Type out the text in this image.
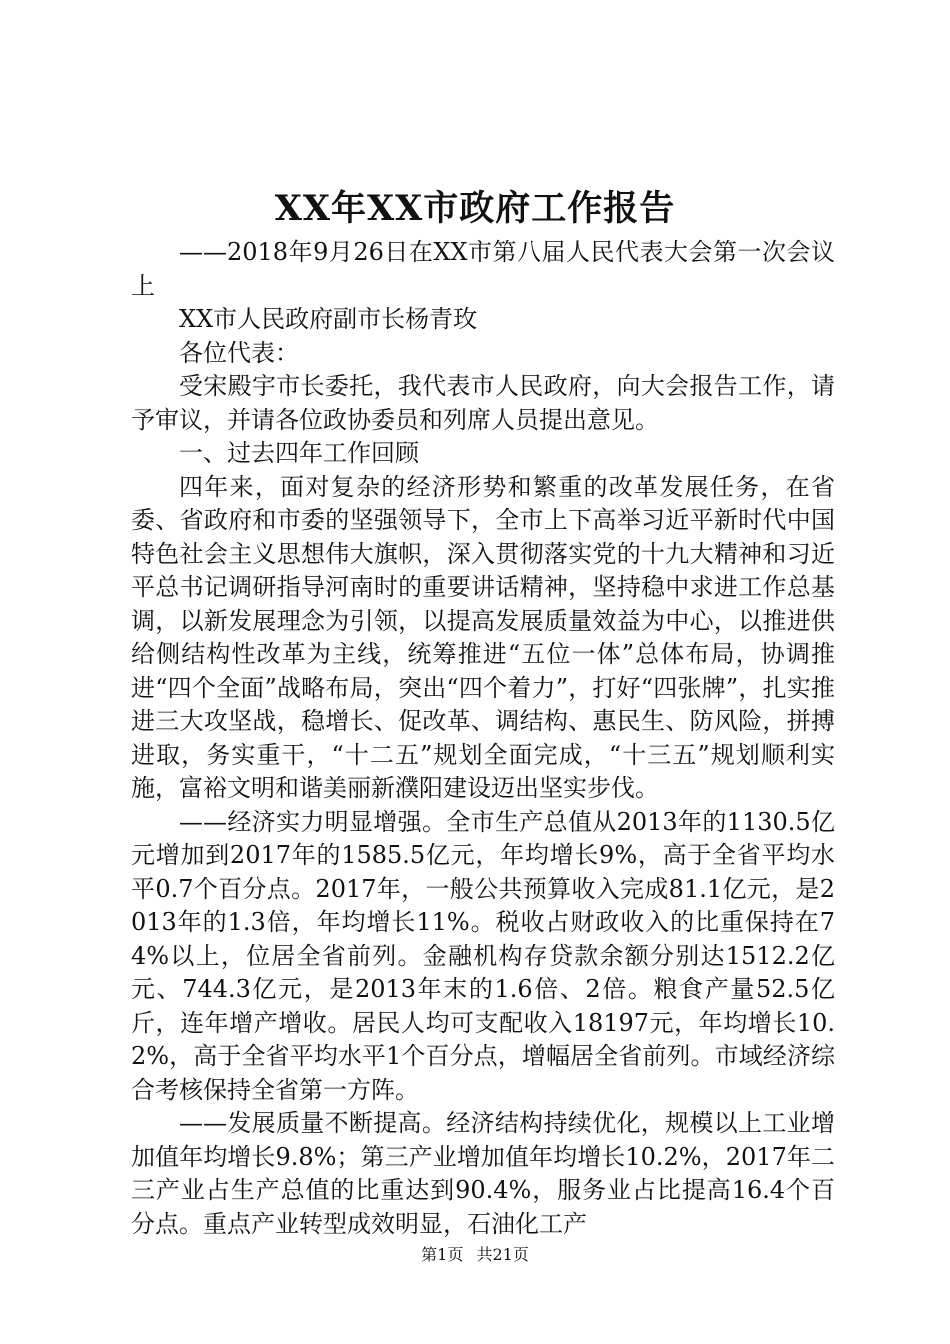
XX年XX市政府工作报告

——2018年9月26日在XX市第八届人民代表大会第一次会议上

XX市人民政府副市长杨青玫

各位代表：

受宋殿宇市长委托，我代表市人民政府，向大会报告工作，请予审议，并请各位政协委员和列席人员提出意见。

一、过去四年工作回顾

四年来，面对复杂的经济形势和繁重的改革发展任务，在省委、省政府和市委的坚强领导下，全市上下高举习近平新时代中国特色社会主义思想伟大旗帜，深入贯彻落实党的十九大精神和习近平总书记调研指导河南时的重要讲话精神，坚持稳中求进工作总基调，以新发展理念为引领，以提高发展质量效益为中心，以推进供给侧结构性改革为主线，统筹推进“五位一体”总体布局，协调推进“四个全面”战略布局，突出“四个着力”，打好“四张牌”，扎实推进三大攻坚战，稳增长、促改革、调结构、惠民生、防风险，拼搏进取，务实重干，“十二五”规划全面完成，“十三五”规划顺利实施，富裕文明和谐美丽新濮阳建设迈出坚实步伐。

——经济实力明显增强。全市生产总值从2013年的1130.5亿元增加到2017年的1585.5亿元，年均增长9%，高于全省平均水平0.7个百分点。2017年，一般公共预算收入完成81.1亿元，是2013年的1.3倍，年均增长11%。税收占财政收入的比重保持在74%以上，位居全省前列。金融机构存贷款余额分别达1512.2亿元、744.3亿元，是2013年末的1.6倍、2倍。粮食产量52.5亿斤，连年增产增收。居民人均可支配收入18197元，年均增长10.2%，高于全省平均水平1个百分点，增幅居全省前列。市域经济综合考核保持全省第一方阵。

——发展质量不断提高。经济结构持续优化，规模以上工业增加值年均增长9.8%；第三产业增加值年均增长10.2%，2017年二三产业占生产总值的比重达到90.4%，服务业占比提高16.4个百分点。重点产业转型成效明显，石油化工产

第1页 共21页
